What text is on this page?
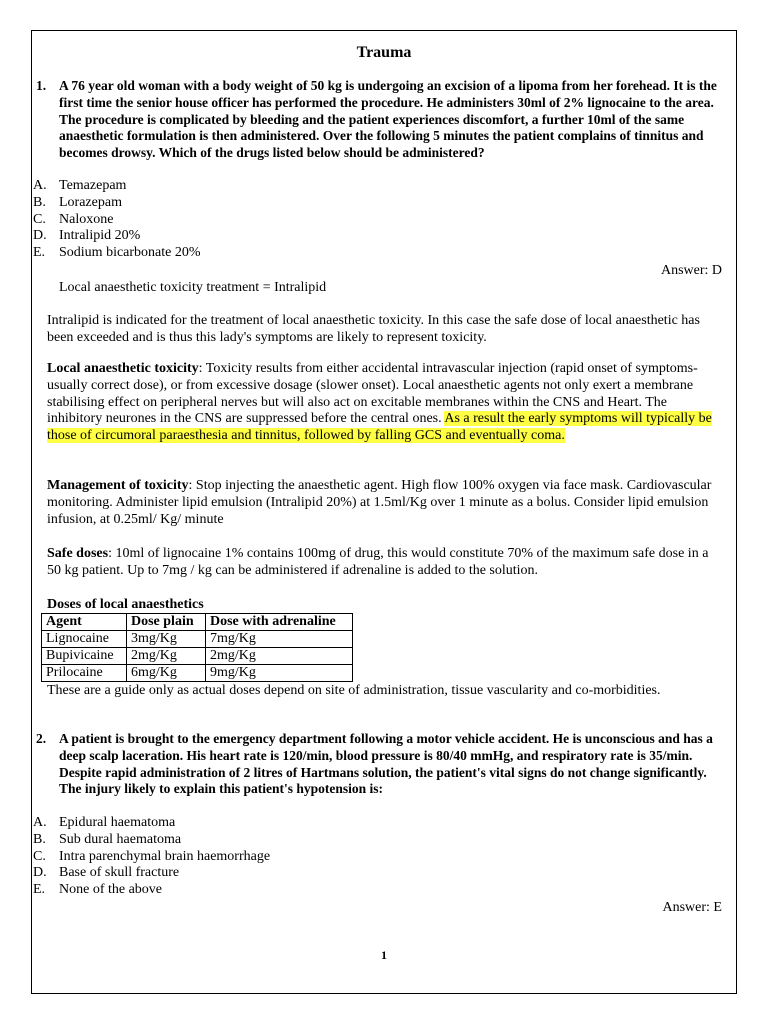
Trauma
1. A 76 year old woman with a body weight of 50 kg is undergoing an excision of a lipoma from her forehead. It is the first time the senior house officer has performed the procedure. He administers 30ml of 2% lignocaine to the area. The procedure is complicated by bleeding and the patient experiences discomfort, a further 10ml of the same anaesthetic formulation is then administered. Over the following 5 minutes the patient complains of tinnitus and becomes drowsy. Which of the drugs listed below should be administered?
A. Temazepam
B. Lorazepam
C. Naloxone
D. Intralipid 20%
E. Sodium bicarbonate 20%
Answer: D
Local anaesthetic toxicity treatment = Intralipid
Intralipid is indicated for the treatment of local anaesthetic toxicity. In this case the safe dose of local anaesthetic has been exceeded and is thus this lady's symptoms are likely to represent toxicity.
Local anaesthetic toxicity: Toxicity results from either accidental intravascular injection (rapid onset of symptoms-usually correct dose), or from excessive dosage (slower onset). Local anaesthetic agents not only exert a membrane stabilising effect on peripheral nerves but will also act on excitable membranes within the CNS and Heart. The inhibitory neurones in the CNS are suppressed before the central ones. As a result the early symptoms will typically be those of circumoral paraesthesia and tinnitus, followed by falling GCS and eventually coma.
Management of toxicity: Stop injecting the anaesthetic agent. High flow 100% oxygen via face mask. Cardiovascular monitoring. Administer lipid emulsion (Intralipid 20%) at 1.5ml/Kg over 1 minute as a bolus. Consider lipid emulsion infusion, at 0.25ml/ Kg/ minute
Safe doses: 10ml of lignocaine 1% contains 100mg of drug, this would constitute 70% of the maximum safe dose in a 50 kg patient. Up to 7mg / kg can be administered if adrenaline is added to the solution.
Doses of local anaesthetics
Agent	Dose plain	Dose with adrenaline
Lignocaine	3mg/Kg	7mg/Kg
Bupivicaine	2mg/Kg	2mg/Kg
Prilocaine	6mg/Kg	9mg/Kg
These are a guide only as actual doses depend on site of administration, tissue vascularity and co-morbidities.
2. A patient is brought to the emergency department following a motor vehicle accident. He is unconscious and has a deep scalp laceration. His heart rate is 120/min, blood pressure is 80/40 mmHg, and respiratory rate is 35/min. Despite rapid administration of 2 litres of Hartmans solution, the patient's vital signs do not change significantly. The injury likely to explain this patient's hypotension is:
A. Epidural haematoma
B. Sub dural haematoma
C. Intra parenchymal brain haemorrhage
D. Base of skull fracture
E. None of the above
Answer: E
1
